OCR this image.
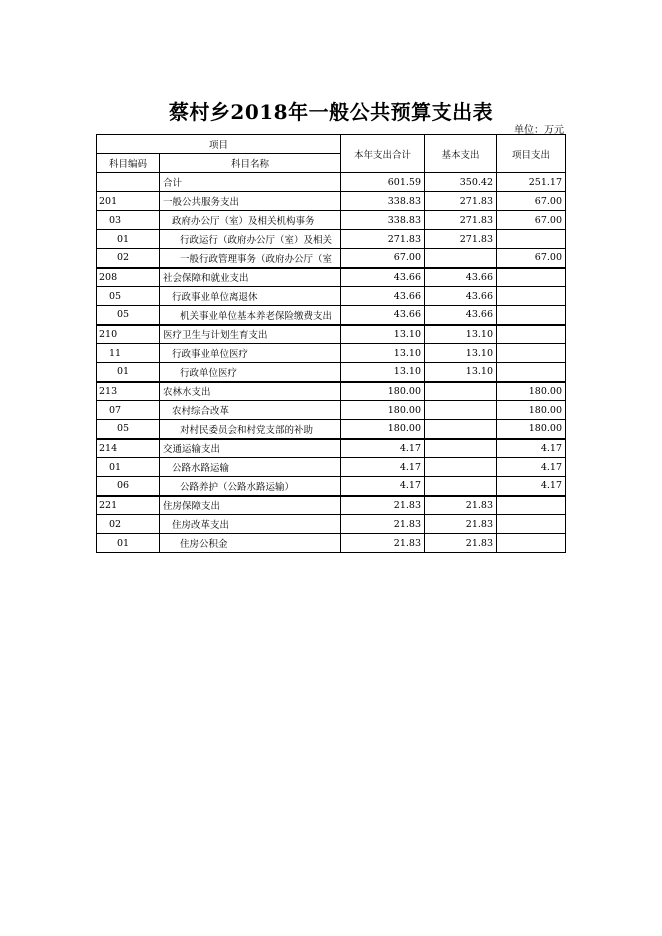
蔡村乡2018年一般公共预算支出表
单位：万元
项目		本年支出合计	基本支出	项目支出
科目编码	科目名称			
	合计	601.59	350.42	251.17
201	一般公共服务支出	338.83	271.83	67.00
03	政府办公厅（室）及相关机构事务	338.83	271.83	67.00
01	行政运行（政府办公厅（室）及相关	271.83	271.83	
02	一般行政管理事务（政府办公厅（室	67.00		67.00
208	社会保障和就业支出	43.66	43.66	
05	行政事业单位离退休	43.66	43.66	
05	机关事业单位基本养老保险缴费支出	43.66	43.66	
210	医疗卫生与计划生育支出	13.10	13.10	
11	行政事业单位医疗	13.10	13.10	
01	行政单位医疗	13.10	13.10	
213	农林水支出	180.00		180.00
07	农村综合改革	180.00		180.00
05	对村民委员会和村党支部的补助	180.00		180.00
214	交通运输支出	4.17		4.17
01	公路水路运输	4.17		4.17
06	公路养护（公路水路运输）	4.17		4.17
221	住房保障支出	21.83	21.83	
02	住房改革支出	21.83	21.83	
01	住房公积金	21.83	21.83	
